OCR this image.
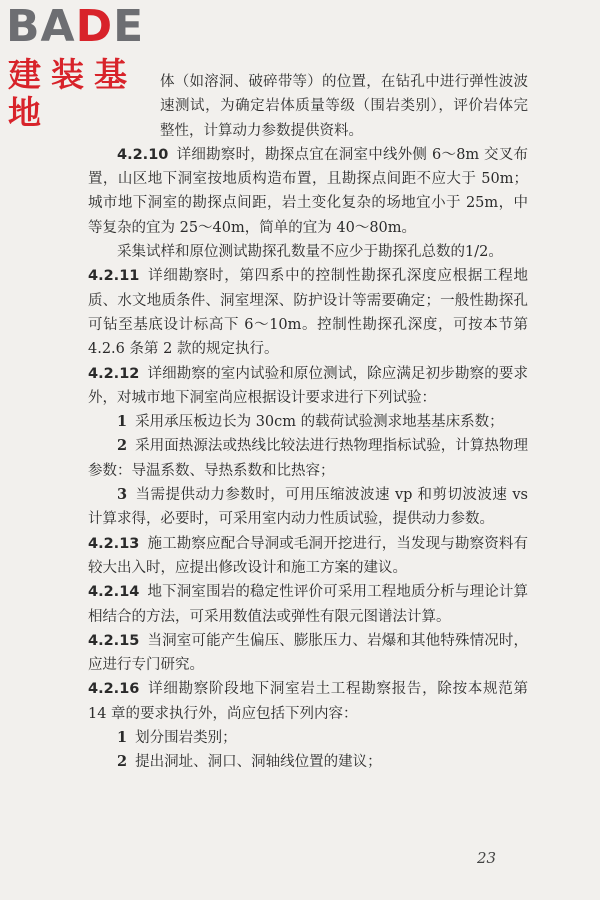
BADE
建装基地

体（如溶洞、破碎带等）的位置，在钻孔中进行弹性波波速测试，为确定岩体质量等级（围岩类别），评价岩体完整性，计算动力参数提供资料。

4.2.10 详细勘察时，勘探点宜在洞室中线外侧 6～8m 交叉布置，山区地下洞室按地质构造布置，且勘探点间距不应大于 50m；城市地下洞室的勘探点间距，岩土变化复杂的场地宜小于 25m，中等复杂的宜为 25～40m，简单的宜为 40～80m。

采集试样和原位测试勘探孔数量不应少于勘探孔总数的1/2。

4.2.11 详细勘察时，第四系中的控制性勘探孔深度应根据工程地质、水文地质条件、洞室埋深、防护设计等需要确定；一般性勘探孔可钻至基底设计标高下 6～10m。控制性勘探孔深度，可按本节第 4.2.6 条第 2 款的规定执行。

4.2.12 详细勘察的室内试验和原位测试，除应满足初步勘察的要求外，对城市地下洞室尚应根据设计要求进行下列试验：

1 采用承压板边长为 30cm 的载荷试验测求地基基床系数；

2 采用面热源法或热线比较法进行热物理指标试验，计算热物理参数：导温系数、导热系数和比热容；

3 当需提供动力参数时，可用压缩波波速 vp 和剪切波波速 vs 计算求得，必要时，可采用室内动力性质试验，提供动力参数。

4.2.13 施工勘察应配合导洞或毛洞开挖进行，当发现与勘察资料有较大出入时，应提出修改设计和施工方案的建议。

4.2.14 地下洞室围岩的稳定性评价可采用工程地质分析与理论计算相结合的方法，可采用数值法或弹性有限元图谱法计算。

4.2.15 当洞室可能产生偏压、膨胀压力、岩爆和其他特殊情况时，应进行专门研究。

4.2.16 详细勘察阶段地下洞室岩土工程勘察报告，除按本规范第 14 章的要求执行外，尚应包括下列内容：

1 划分围岩类别；

2 提出洞址、洞口、洞轴线位置的建议；

23
